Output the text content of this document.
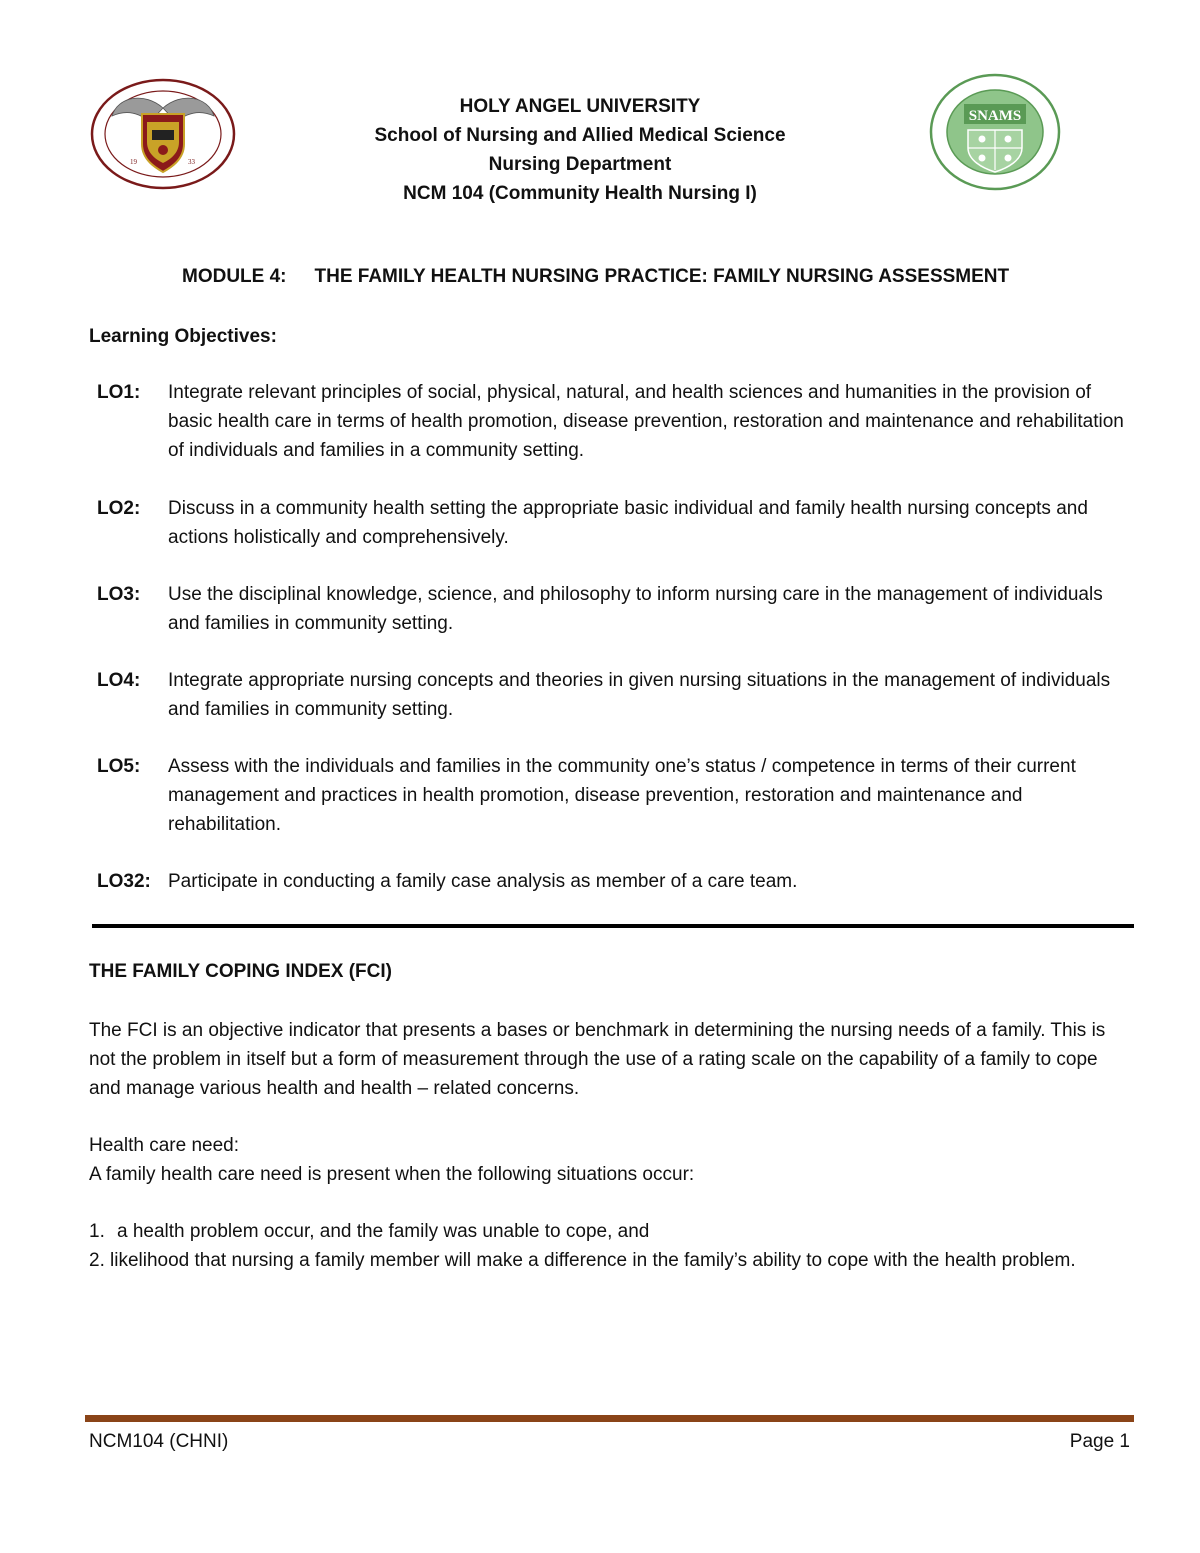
19	33
SNAMS
HOLY ANGEL UNIVERSITY
School of Nursing and Allied Medical Science
Nursing Department
NCM 104 (Community Health Nursing I)
MODULE 4: THE FAMILY HEALTH NURSING PRACTICE: FAMILY NURSING ASSESSMENT
Learning Objectives:
LO1: Integrate relevant principles of social, physical, natural, and health sciences and humanities in the provision of basic health care in terms of health promotion, disease prevention, restoration and maintenance and rehabilitation of individuals and families in a community setting.
LO2: Discuss in a community health setting the appropriate basic individual and family health nursing concepts and actions holistically and comprehensively.
LO3: Use the disciplinal knowledge, science, and philosophy to inform nursing care in the management of individuals and families in community setting.
LO4: Integrate appropriate nursing concepts and theories in given nursing situations in the management of individuals and families in community setting.
LO5: Assess with the individuals and families in the community one’s status / competence in terms of their current management and practices in health promotion, disease prevention, restoration and maintenance and rehabilitation.
LO32: Participate in conducting a family case analysis as member of a care team.
THE FAMILY COPING INDEX (FCI)
The FCI is an objective indicator that presents a bases or benchmark in determining the nursing needs of a family. This is not the problem in itself but a form of measurement through the use of a rating scale on the capability of a family to cope and manage various health and health – related concerns.
Health care need:
A family health care need is present when the following situations occur:
1. a health problem occur, and the family was unable to cope, and
2. likelihood that nursing a family member will make a difference in the family’s ability to cope with the health problem.
NCM104 (CHNI)	Page 1
